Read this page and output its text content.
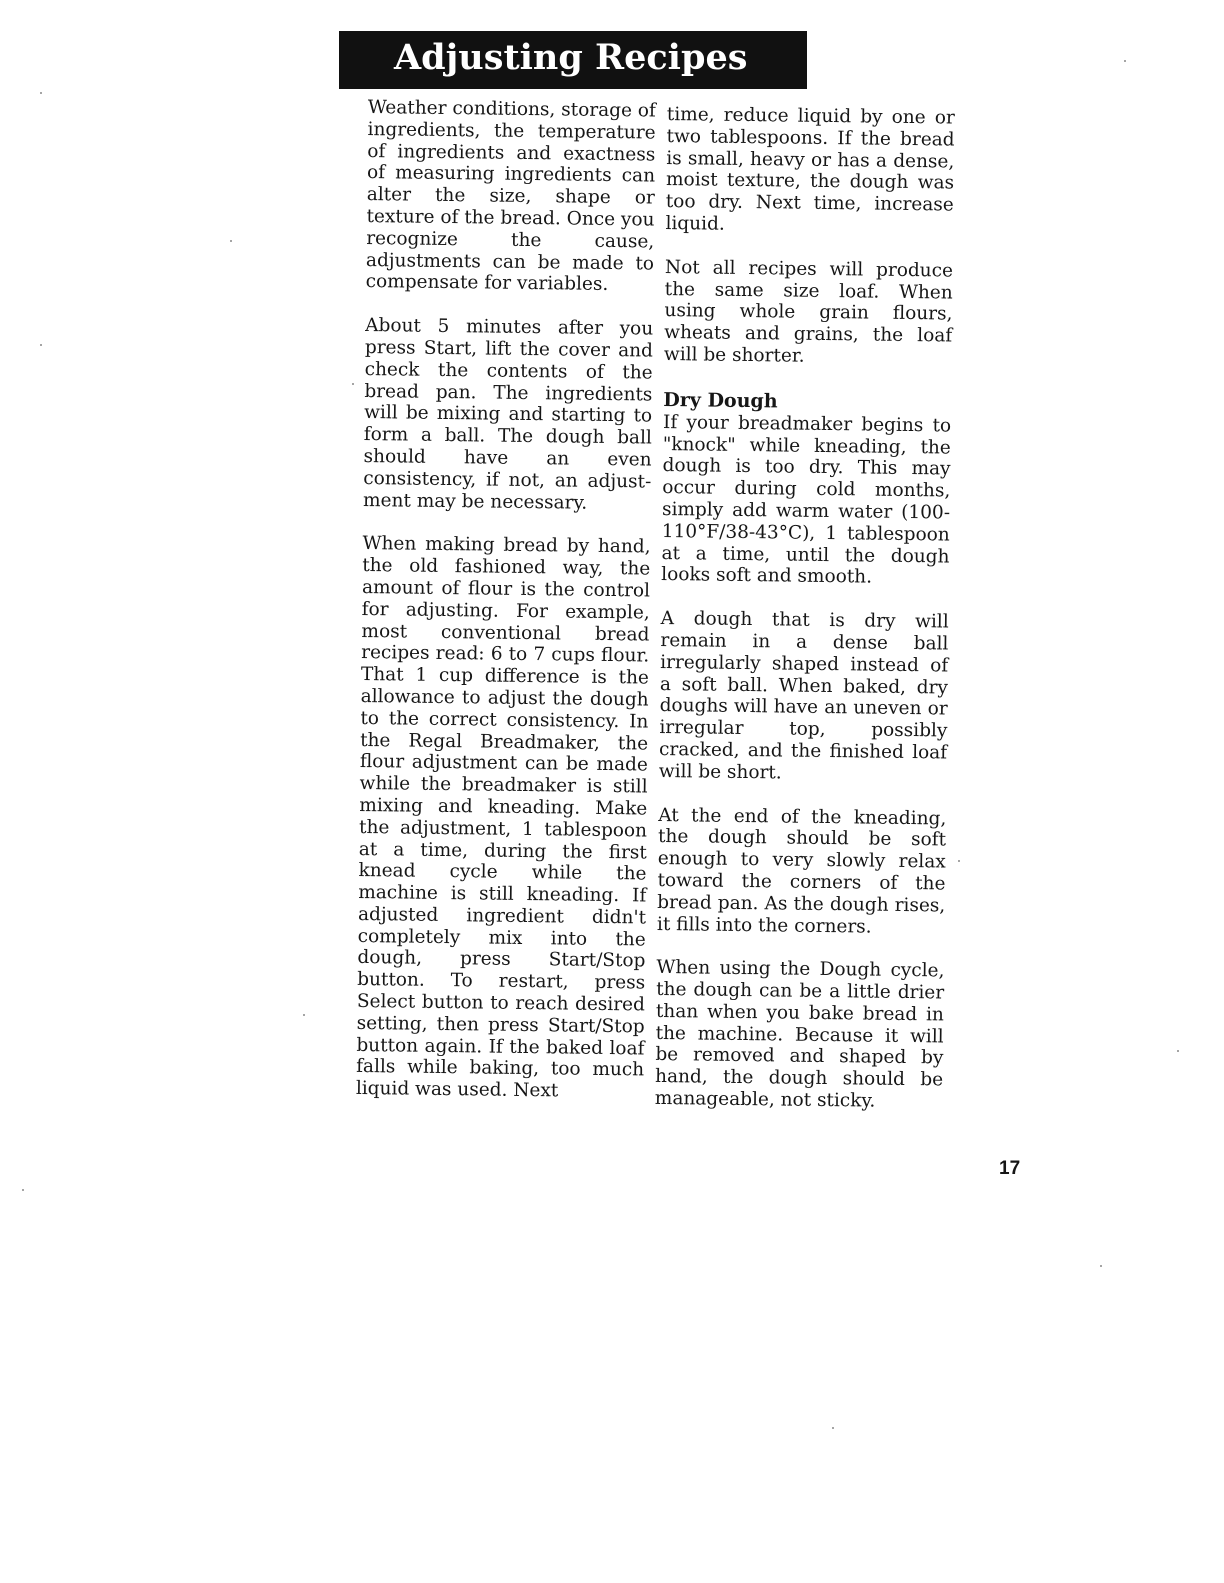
Adjusting Recipes

Weather conditions, storage of ingredients, the temperature of ingredients and exactness of measuring ingredients can alter the size, shape or texture of the bread. Once you recognize the cause, adjustments can be made to compensate for variables.

About 5 minutes after you press Start, lift the cover and check the contents of the bread pan. The ingredients will be mixing and starting to form a ball. The dough ball should have an even consistency, if not, an adjustment may be necessary.

When making bread by hand, the old fashioned way, the amount of flour is the control for adjusting. For example, most conventional bread recipes read: 6 to 7 cups flour. That 1 cup difference is the allowance to adjust the dough to the correct consistency. In the Regal Breadmaker, the flour adjustment can be made while the breadmaker is still mixing and kneading. Make the adjustment, 1 tablespoon at a time, during the first knead cycle while the machine is still kneading. If adjusted ingredient didn't completely mix into the dough, press Start/Stop button. To restart, press Select button to reach desired setting, then press Start/Stop button again. If the baked loaf falls while baking, too much liquid was used. Next

time, reduce liquid by one or two tablespoons. If the bread is small, heavy or has a dense, moist texture, the dough was too dry. Next time, increase liquid.

Not all recipes will produce the same size loaf. When using whole grain flours, wheats and grains, the loaf will be shorter.

Dry Dough

If your breadmaker begins to "knock" while kneading, the dough is too dry. This may occur during cold months, simply add warm water (100-110°F/38-43°C), 1 tablespoon at a time, until the dough looks soft and smooth.

A dough that is dry will remain in a dense ball irregularly shaped instead of a soft ball. When baked, dry doughs will have an uneven or irregular top, possibly cracked, and the finished loaf will be short.

At the end of the kneading, the dough should be soft enough to very slowly relax toward the corners of the bread pan. As the dough rises, it fills into the corners.

When using the Dough cycle, the dough can be a little drier than when you bake bread in the machine. Because it will be removed and shaped by hand, the dough should be manageable, not sticky.

17
